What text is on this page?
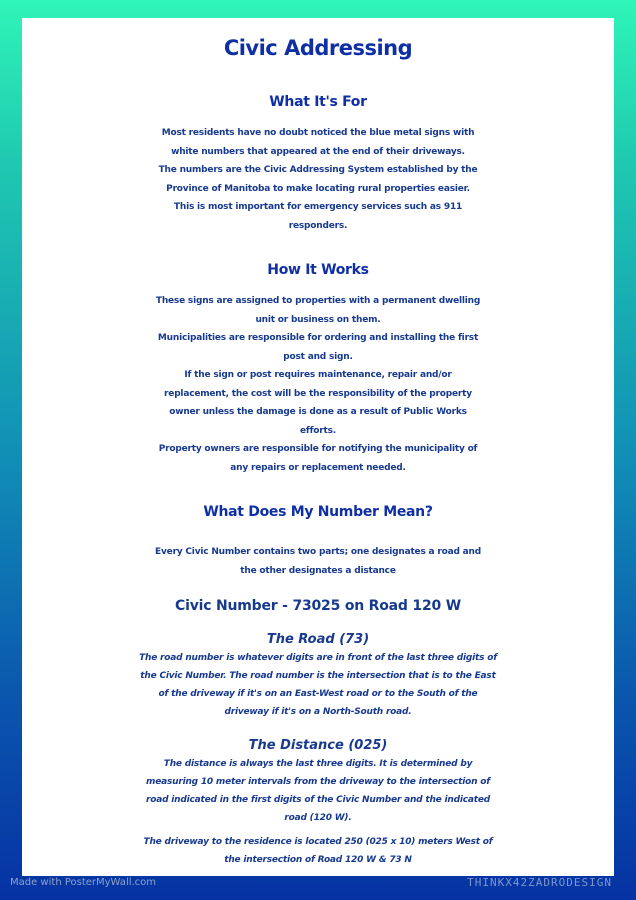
Civic Addressing
What It's For
Most residents have no doubt noticed the blue metal signs with
white numbers that appeared at the end of their driveways.
The numbers are the Civic Addressing System established by the
Province of Manitoba to make locating rural properties easier.
This is most important for emergency services such as 911
responders.
How It Works
These signs are assigned to properties with a permanent dwelling
unit or business on them.
Municipalities are responsible for ordering and installing the first
post and sign.
If the sign or post requires maintenance, repair and/or
replacement, the cost will be the responsibility of the property
owner unless the damage is done as a result of Public Works
efforts.
Property owners are responsible for notifying the municipality of
any repairs or replacement needed.
What Does My Number Mean?
Every Civic Number contains two parts; one designates a road and
the other designates a distance
Civic Number - 73025 on Road 120 W
The Road (73)
The road number is whatever digits are in front of the last three digits of
the Civic Number. The road number is the intersection that is to the East
of the driveway if it's on an East-West road or to the South of the
driveway if it's on a North-South road.
The Distance (025)
The distance is always the last three digits. It is determined by
measuring 10 meter intervals from the driveway to the intersection of
road indicated in the first digits of the Civic Number and the indicated
road (120 W).
The driveway to the residence is located 250 (025 x 10) meters West of
the intersection of Road 120 W & 73 N
Made with PosterMyWall.com	THINKX42ZADRODESIGN
